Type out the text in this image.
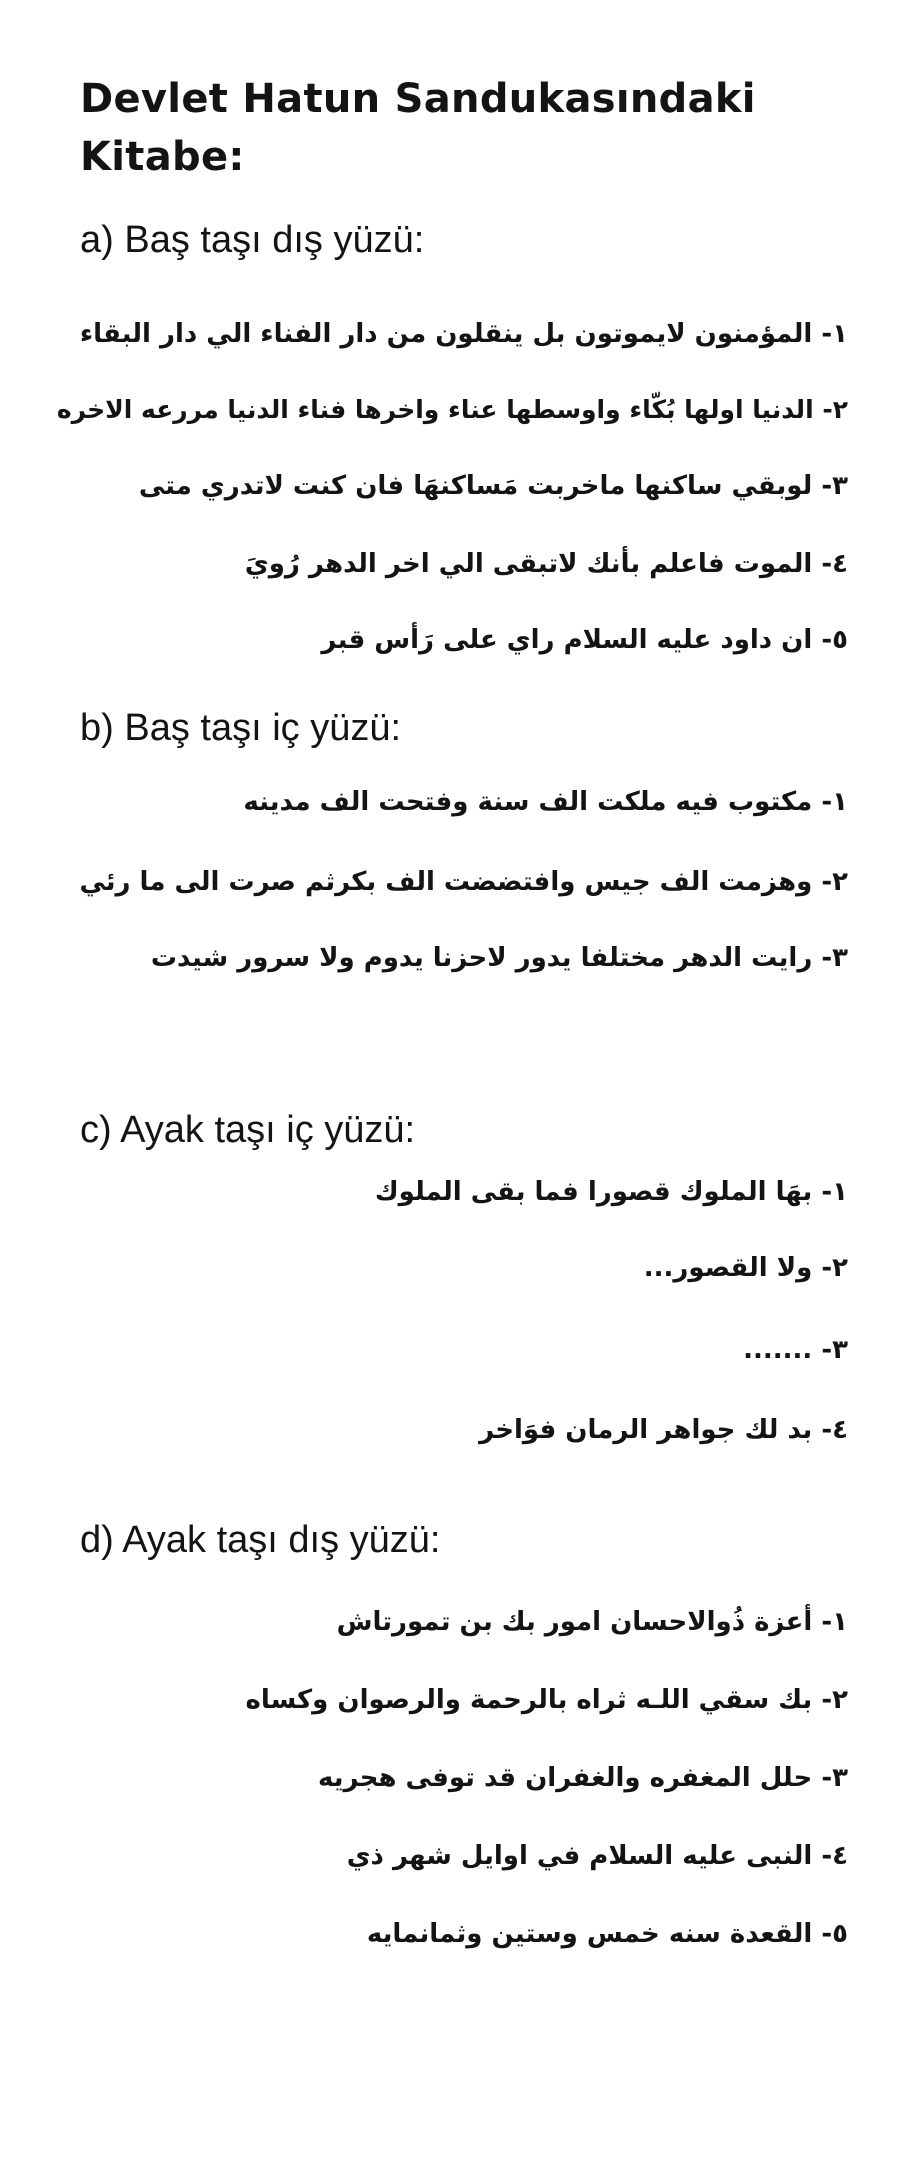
Devlet Hatun Sandukasındaki Kitabe:
a) Baş taşı dış yüzü:

١- المؤمنون لايموتون بل ينقلون من دار الفناء الي دار البقاء

٢- الدنيا اولها بُكّاء واوسطها عناء واخرها فناء الدنيا مررعه الاخره

٣- لوبقي ساكنها ماخربت مَساكنهَا فان كنت لاتدري متى

٤- الموت فاعلم بأنك لاتبقى الي اخر الدهر رُويَ

٥- ان داود عليه السلام راي على رَأس قبر

b) Baş taşı iç yüzü:

١- مكتوب فيه ملكت الف سنة وفتحت الف مدينه

٢- وهزمت الف جيس وافتضضت الف بكرثم صرت الى ما رئي

٣- رايت الدهر مختلفا يدور لاحزنا يدوم ولا سرور شيدت

c) Ayak taşı iç yüzü:

١- بهَا الملوك قصورا فما بقى الملوك

٢- ولا القصور...

٣- .......

٤- بد لك جواهر الرمان فوَاخر

d) Ayak taşı dış yüzü:

١- أعزة ذُوالاحسان امور بك بن تمورتاش

٢- بك سقي اللـه ثراه بالرحمة والرصوان وكساه

٣- حلل المغفره والغفران قد توفى هجريه

٤- النبى عليه السلام في اوايل شهر ذي

٥- القعدة سنه خمس وستين وثمانمايه
